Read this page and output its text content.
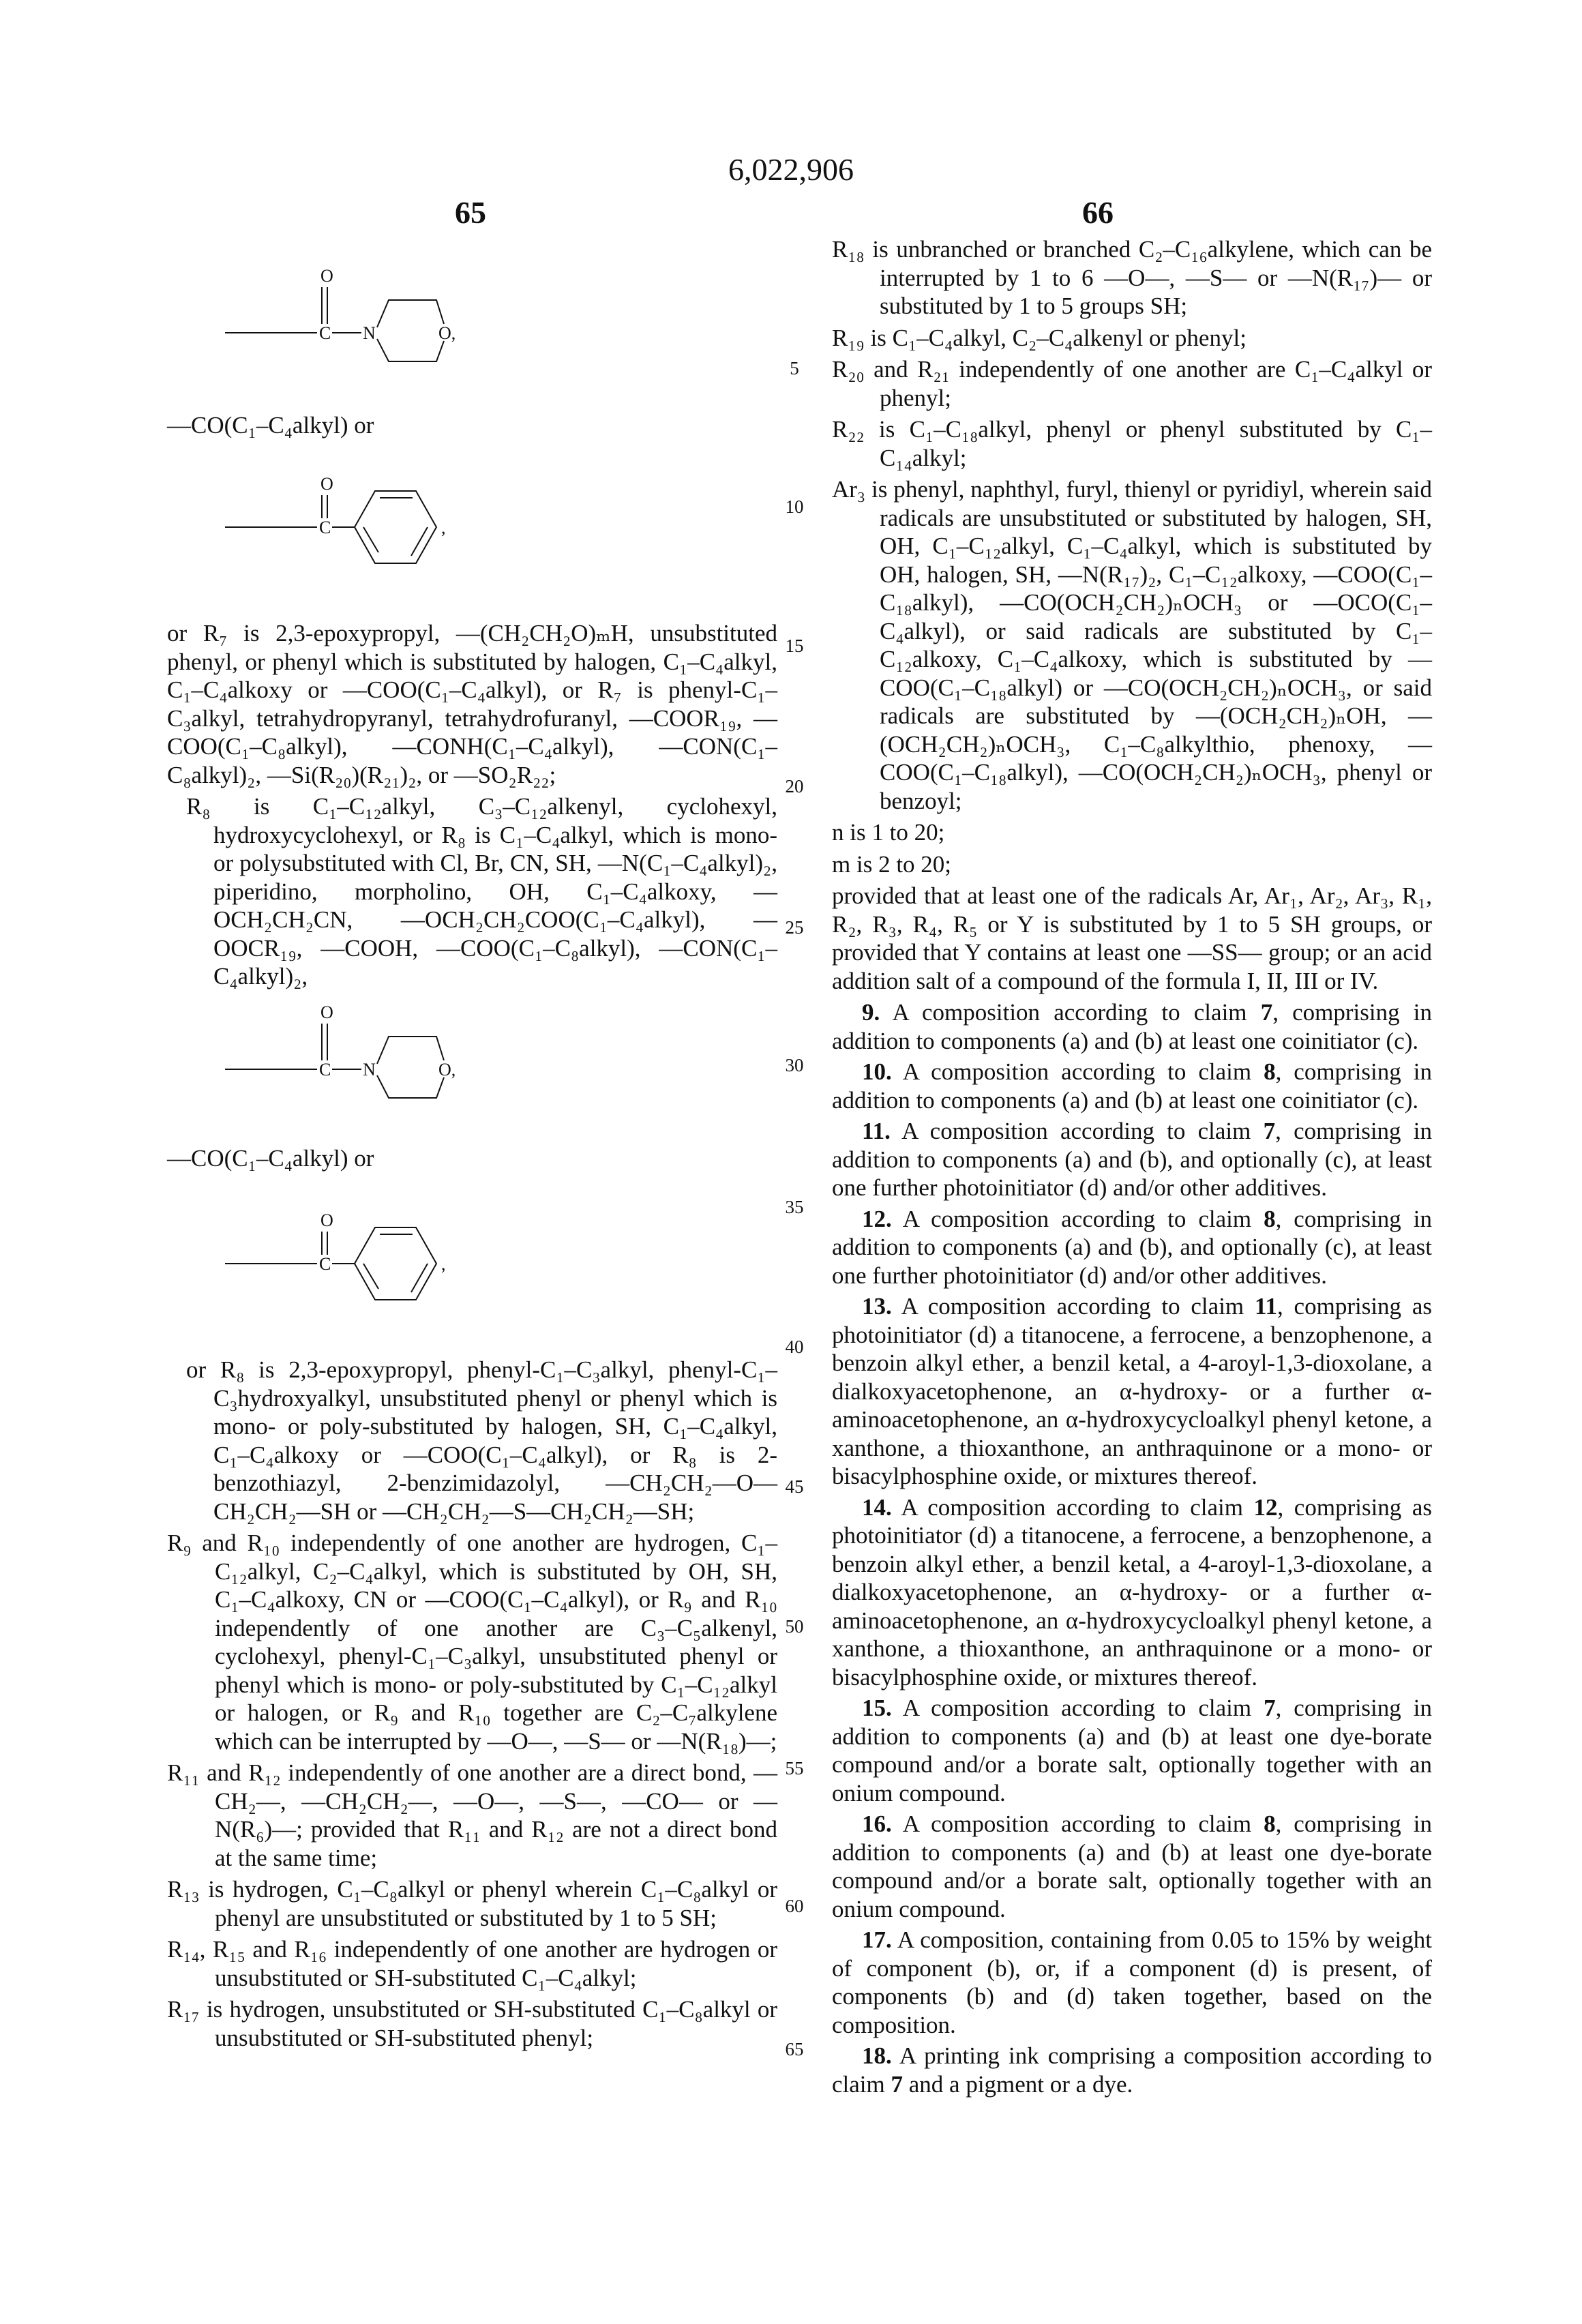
6,022,906
65	66
O
C N	O,
—CO(C₁–C₄alkyl) or
O
C	,

or R₇ is 2,3-epoxypropyl, —(CH₂CH₂O)ₘH, unsubstituted phenyl, or phenyl which is substituted by halogen, C₁–C₄alkyl, C₁–C₄alkoxy or —COO(C₁–C₄alkyl), or R₇ is phenyl-C₁–C₃alkyl, tetrahydropyranyl, tetrahydrofuranyl, —COOR₁₉, —COO(C₁–C₈alkyl), —CONH(C₁–C₄alkyl), —CON(C₁–C₈alkyl)₂, —Si(R₂₀)(R₂₁)₂, or —SO₂R₂₂;

R₈ is C₁–C₁₂alkyl, C₃–C₁₂alkenyl, cyclohexyl, hydroxycyclohexyl, or R₈ is C₁–C₄alkyl, which is mono- or polysubstituted with Cl, Br, CN, SH, —N(C₁–C₄alkyl)₂, piperidino, morpholino, OH, C₁–C₄alkoxy, —OCH₂CH₂CN, —OCH₂CH₂COO(C₁–C₄alkyl), —OOCR₁₉, —COOH, —COO(C₁–C₈alkyl), —CON(C₁–C₄alkyl)₂,

O
C N	O,
—CO(C₁–C₄alkyl) or
O
C	,

or R₈ is 2,3-epoxypropyl, phenyl-C₁–C₃alkyl, phenyl-C₁–C₃hydroxyalkyl, unsubstituted phenyl or phenyl which is mono- or poly-substituted by halogen, SH, C₁–C₄alkyl, C₁–C₄alkoxy or —COO(C₁–C₄alkyl), or R₈ is 2-benzothiazyl, 2-benzimidazolyl, —CH₂CH₂—O—CH₂CH₂—SH or —CH₂CH₂—S—CH₂CH₂—SH;

R₉ and R₁₀ independently of one another are hydrogen, C₁–C₁₂alkyl, C₂–C₄alkyl, which is substituted by OH, SH, C₁–C₄alkoxy, CN or —COO(C₁–C₄alkyl), or R₉ and R₁₀ independently of one another are C₃–C₅alkenyl, cyclohexyl, phenyl-C₁–C₃alkyl, unsubstituted phenyl or phenyl which is mono- or poly-substituted by C₁–C₁₂alkyl or halogen, or R₉ and R₁₀ together are C₂–C₇alkylene which can be interrupted by —O—, —S— or —N(R₁₈)—;

R₁₁ and R₁₂ independently of one another are a direct bond, —CH₂—, —CH₂CH₂—, —O—, —S—, —CO— or —N(R₆)—; provided that R₁₁ and R₁₂ are not a direct bond at the same time;

R₁₃ is hydrogen, C₁–C₈alkyl or phenyl wherein C₁–C₈alkyl or phenyl are unsubstituted or substituted by 1 to 5 SH;

R₁₄, R₁₅ and R₁₆ independently of one another are hydrogen or unsubstituted or SH-substituted C₁–C₄alkyl;

R₁₇ is hydrogen, unsubstituted or SH-substituted C₁–C₈alkyl or unsubstituted or SH-substituted phenyl;

5
10
15
20
25
30
35
40
45
50
55
60
65

R₁₈ is unbranched or branched C₂–C₁₆alkylene, which can be interrupted by 1 to 6 —O—, —S— or —N(R₁₇)— or substituted by 1 to 5 groups SH;

R₁₉ is C₁–C₄alkyl, C₂–C₄alkenyl or phenyl;

R₂₀ and R₂₁ independently of one another are C₁–C₄alkyl or phenyl;

R₂₂ is C₁–C₁₈alkyl, phenyl or phenyl substituted by C₁–C₁₄alkyl;

Ar₃ is phenyl, naphthyl, furyl, thienyl or pyridiyl, wherein said radicals are unsubstituted or substituted by halogen, SH, OH, C₁–C₁₂alkyl, C₁–C₄alkyl, which is substituted by OH, halogen, SH, —N(R₁₇)₂, C₁–C₁₂alkoxy, —COO(C₁–C₁₈alkyl), —CO(OCH₂CH₂)ₙOCH₃ or —OCO(C₁–C₄alkyl), or said radicals are substituted by C₁–C₁₂alkoxy, C₁–C₄alkoxy, which is substituted by —COO(C₁–C₁₈alkyl) or —CO(OCH₂CH₂)ₙOCH₃, or said radicals are substituted by —(OCH₂CH₂)ₙOH, —(OCH₂CH₂)ₙOCH₃, C₁–C₈alkylthio, phenoxy, —COO(C₁–C₁₈alkyl), —CO(OCH₂CH₂)ₙOCH₃, phenyl or benzoyl;

n is 1 to 20;

m is 2 to 20;

provided that at least one of the radicals Ar, Ar₁, Ar₂, Ar₃, R₁, R₂, R₃, R₄, R₅ or Y is substituted by 1 to 5 SH groups, or provided that Y contains at least one —SS— group; or an acid addition salt of a compound of the formula I, II, III or IV.

9. A composition according to claim 7, comprising in addition to components (a) and (b) at least one coinitiator (c).

10. A composition according to claim 8, comprising in addition to components (a) and (b) at least one coinitiator (c).

11. A composition according to claim 7, comprising in addition to components (a) and (b), and optionally (c), at least one further photoinitiator (d) and/or other additives.

12. A composition according to claim 8, comprising in addition to components (a) and (b), and optionally (c), at least one further photoinitiator (d) and/or other additives.

13. A composition according to claim 11, comprising as photoinitiator (d) a titanocene, a ferrocene, a benzophenone, a benzoin alkyl ether, a benzil ketal, a 4-aroyl-1,3-dioxolane, a dialkoxyacetophenone, an α-hydroxy- or a further α-aminoacetophenone, an α-hydroxycycloalkyl phenyl ketone, a xanthone, a thioxanthone, an anthraquinone or a mono- or bisacylphosphine oxide, or mixtures thereof.

14. A composition according to claim 12, comprising as photoinitiator (d) a titanocene, a ferrocene, a benzophenone, a benzoin alkyl ether, a benzil ketal, a 4-aroyl-1,3-dioxolane, a dialkoxyacetophenone, an α-hydroxy- or a further α-aminoacetophenone, an α-hydroxycycloalkyl phenyl ketone, a xanthone, a thioxanthone, an anthraquinone or a mono- or bisacylphosphine oxide, or mixtures thereof.

15. A composition according to claim 7, comprising in addition to components (a) and (b) at least one dye-borate compound and/or a borate salt, optionally together with an onium compound.

16. A composition according to claim 8, comprising in addition to components (a) and (b) at least one dye-borate compound and/or a borate salt, optionally together with an onium compound.

17. A composition, containing from 0.05 to 15% by weight of component (b), or, if a component (d) is present, of components (b) and (d) taken together, based on the composition.

18. A printing ink comprising a composition according to claim 7 and a pigment or a dye.
